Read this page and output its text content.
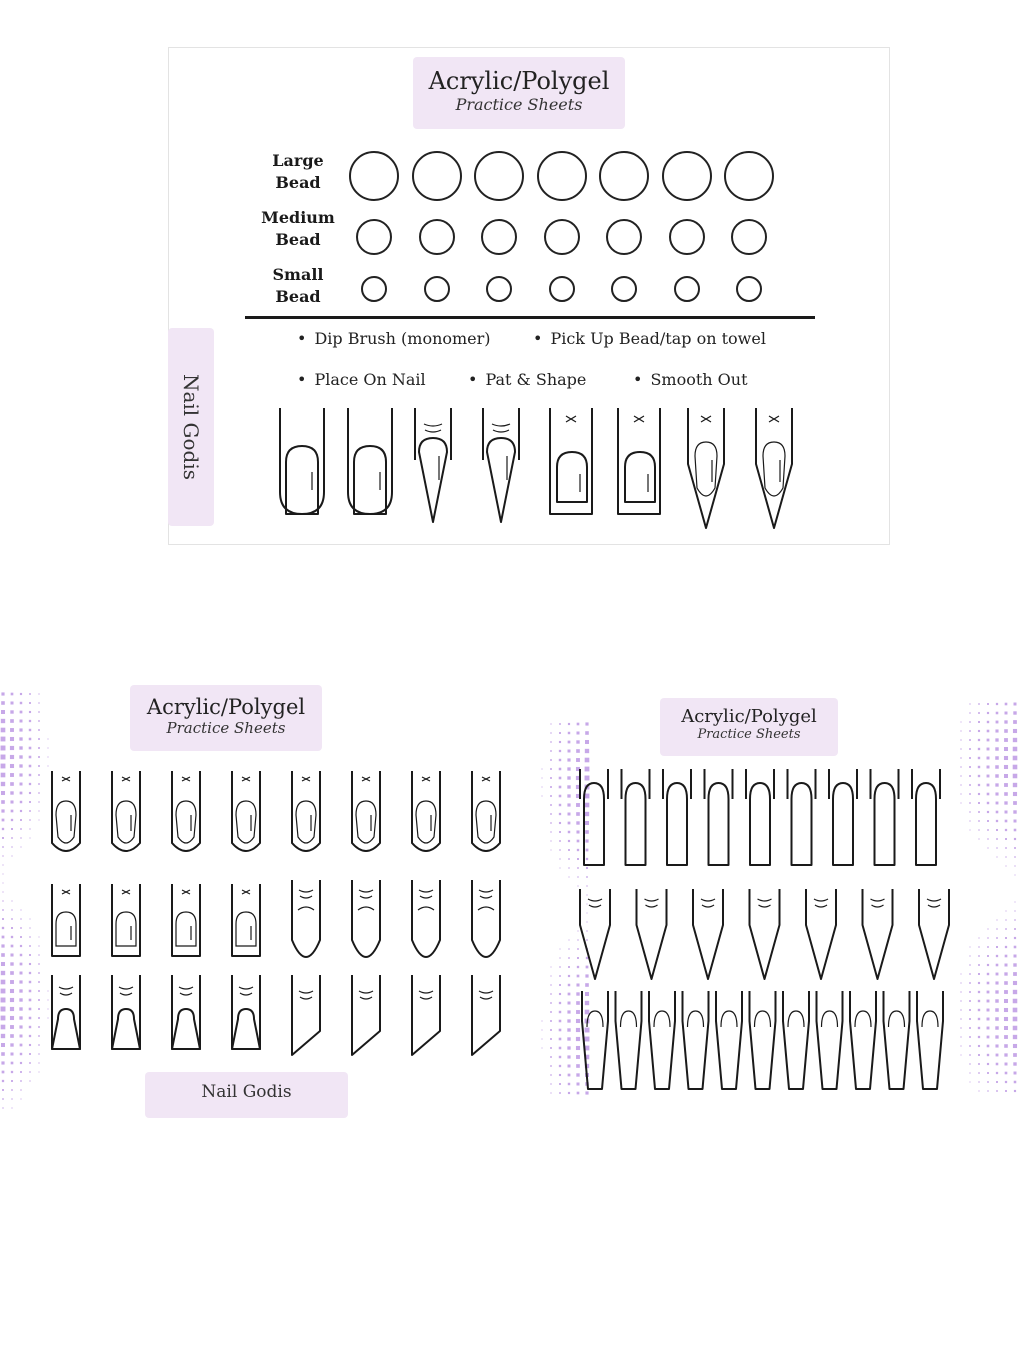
Acrylic/Polygel
Practice Sheets
Large Bead
Medium Bead
Small Bead
• Dip Brush (monomer)	• Pick Up Bead/tap on towel
• Place On Nail	• Pat & Shape	• Smooth Out
Nail Godis
Acrylic/Polygel
Practice Sheets
Nail Godis
Acrylic/Polygel
Practice Sheets
